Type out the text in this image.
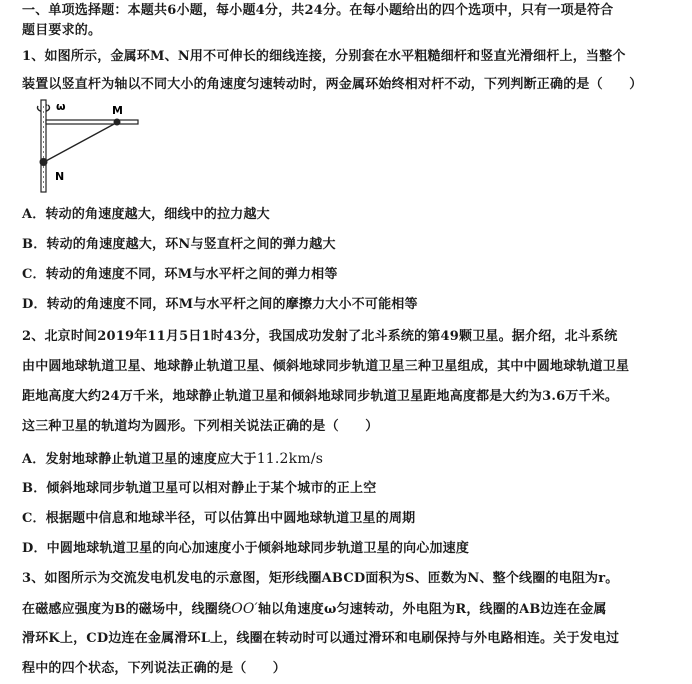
一、单项选择题：本题共6小题，每小题4分，共24分。在每小题给出的四个选项中，只有一项是符合
题目要求的。
1、如图所示，金属环M、N用不可伸长的细线连接，分别套在水平粗糙细杆和竖直光滑细杆上，当整个
装置以竖直杆为轴以不同大小的角速度匀速转动时，两金属环始终相对杆不动，下列判断正确的是（　　）
ω	M
N
A．转动的角速度越大，细线中的拉力越大
B．转动的角速度越大，环N与竖直杆之间的弹力越大
C．转动的角速度不同，环M与水平杆之间的弹力相等
D．转动的角速度不同，环M与水平杆之间的摩擦力大小不可能相等
2、北京时间2019年11月5日1时43分，我国成功发射了北斗系统的第49颗卫星。据介绍，北斗系统
由中圆地球轨道卫星、地球静止轨道卫星、倾斜地球同步轨道卫星三种卫星组成，其中中圆地球轨道卫星
距地高度大约24万千米，地球静止轨道卫星和倾斜地球同步轨道卫星距地高度都是大约为3.6万千米。
这三种卫星的轨道均为圆形。下列相关说法正确的是（　　）
A．发射地球静止轨道卫星的速度应大于11.2km/s
B．倾斜地球同步轨道卫星可以相对静止于某个城市的正上空
C．根据题中信息和地球半径，可以估算出中圆地球轨道卫星的周期
D．中圆地球轨道卫星的向心加速度小于倾斜地球同步轨道卫星的向心加速度
3、如图所示为交流发电机发电的示意图，矩形线圈ABCD面积为S、匝数为N、整个线圈的电阻为r。
在磁感应强度为B的磁场中，线圈绕OO′轴以角速度ω匀速转动，外电阻为R，线圈的AB边连在金属
滑环K上，CD边连在金属滑环L上，线圈在转动时可以通过滑环和电刷保持与外电路相连。关于发电过
程中的四个状态，下列说法正确的是（　　）
